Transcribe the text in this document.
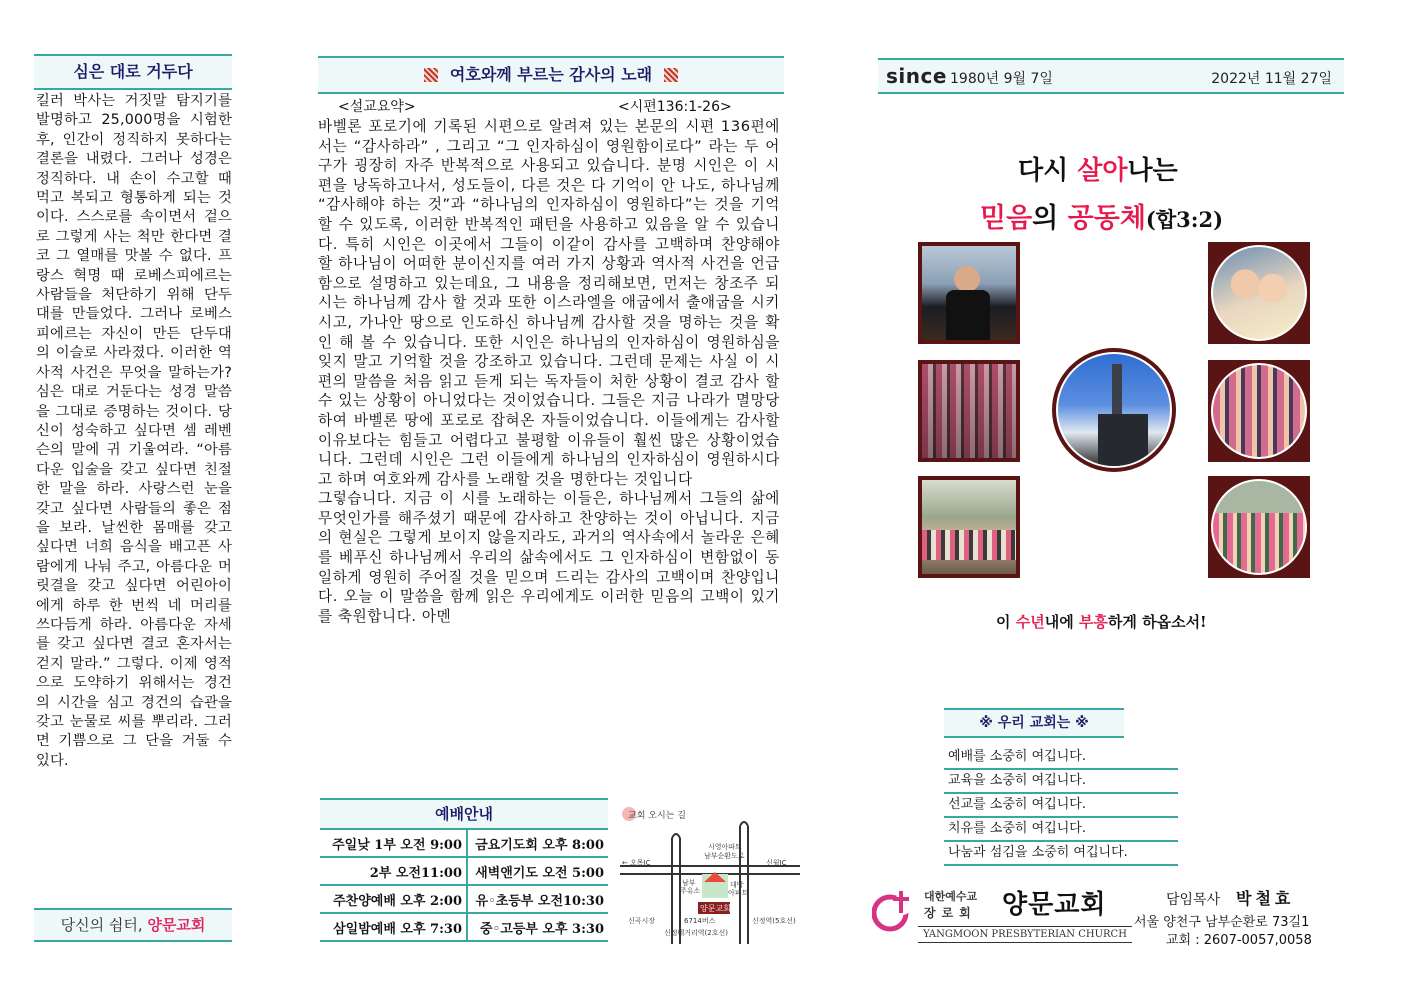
심은 대로 거두다
킬러 박사는 거짓말 탐지기를 발명하고 25,000명을 시험한 후, 인간이 정직하지 못하다는 결론을 내렸다. 그러나 성경은 정직하다. 내 손이 수고할 때 먹고 복되고 형통하게 되는 것이다. 스스로를 속이면서 겉으로 그렇게 사는 척만 한다면 결코 그 열매를 맛볼 수 없다. 프랑스 혁명 때 로베스피에르는 사람들을 처단하기 위해 단두대를 만들었다. 그러나 로베스피에르는 자신이 만든 단두대의 이슬로 사라졌다. 이러한 역사적 사건은 무엇을 말하는가? 심은 대로 거둔다는 성경 말씀을 그대로 증명하는 것이다. 당신이 성숙하고 싶다면 셈 레벤슨의 말에 귀 기울여라. “아름다운 입술을 갖고 싶다면 친절한 말을 하라. 사랑스런 눈을 갖고 싶다면 사람들의 좋은 점을 보라. 날씬한 몸매를 갖고 싶다면 너희 음식을 배고픈 사람에게 나눠 주고, 아름다운 머릿결을 갖고 싶다면 어린아이에게 하루 한 번씩 네 머리를 쓰다듬게 하라. 아름다운 자세를 갖고 싶다면 결코 혼자서는 걷지 말라.” 그렇다. 이제 영적으로 도약하기 위해서는 경건의 시간을 심고 경건의 습관을 갖고 눈물로 씨를 뿌리라. 그러면 기쁨으로 그 단을 거둘 수 있다.
당신의 쉼터, 양문교회
여호와께 부르는 감사의 노래
<설교요약>	<시편136:1-26>

바벨론 포로기에 기록된 시편으로 알려져 있는 본문의 시편 136편에서는 “감사하라” , 그리고 “그 인자하심이 영원함이로다” 라는 두 어구가 굉장히 자주 반복적으로 사용되고 있습니다. 분명 시인은 이 시편을 낭독하고나서, 성도들이, 다른 것은 다 기억이 안 나도, 하나님께 “감사해야 하는 것”과 “하나님의 인자하심이 영원하다”는 것을 기억할 수 있도록, 이러한 반복적인 패턴을 사용하고 있음을 알 수 있습니다. 특히 시인은 이곳에서 그들이 이같이 감사를 고백하며 찬양해야 할 하나님이 어떠한 분이신지를 여러 가지 상황과 역사적 사건을 언급함으로 설명하고 있는데요, 그 내용을 정리해보면, 먼저는 창조주 되시는 하나님께 감사 할 것과 또한 이스라엘을 애굽에서 출애굽을 시키시고, 가나안 땅으로 인도하신 하나님께 감사할 것을 명하는 것을 확인 해 볼 수 있습니다. 또한 시인은 하나님의 인자하심이 영원하심을 잊지 말고 기억할 것을 강조하고 있습니다. 그런데 문제는 사실 이 시편의 말씀을 처음 읽고 듣게 되는 독자들이 처한 상황이 결코 감사 할 수 있는 상황이 아니었다는 것이었습니다. 그들은 지금 나라가 멸망당하여 바벨론 땅에 포로로 잡혀온 자들이었습니다. 이들에게는 감사할 이유보다는 힘들고 어렵다고 불평할 이유들이 훨씬 많은 상황이었습니다. 그런데 시인은 그런 이들에게 하나님의 인자하심이 영원하시다고 하며 여호와께 감사를 노래할 것을 명한다는 것입니다

그렇습니다. 지금 이 시를 노래하는 이들은, 하나님께서 그들의 삶에 무엇인가를 해주셨기 때문에 감사하고 찬양하는 것이 아닙니다. 지금의 현실은 그렇게 보이지 않을지라도, 과거의 역사속에서 놀라운 은혜를 베푸신 하나님께서 우리의 삶속에서도 그 인자하심이 변함없이 동일하게 영원히 주어질 것을 믿으며 드리는 감사의 고백이며 찬양입니다. 오늘 이 말씀을 함께 읽은 우리에게도 이러한 믿음의 고백이 있기를 축원합니다. 아멘

예배안내
주일낮 1부 오전 9:00	금요기도회 오후 8:00
2부 오전11:00	새벽앤기도 오전 5:00
주찬양예배 오후 2:00	유◦초등부 오전10:30
삼일밤예배 오후 7:30	중◦고등부 오후 3:30
교회 오시는 길
시영아파트
남부순환도로
← 오목IC	신월IC
남부
주유소
대방
아파트
양문교회
신곡시장	6714버스
신정네거리역(2호선)
신정역(5호선)
since 1980년 9월 7일	2022년 11월 27일
다시 살아나는
믿음의 공동체(합3:2)
이 수년내에 부흥하게 하옵소서!
※ 우리 교회는 ※
예배를 소중히 여깁니다.
교육을 소중히 여깁니다.
선교를 소중히 여깁니다.
치유를 소중히 여깁니다.
나눔과 섬김을 소중히 여깁니다.
대한예수교
장로회 양문교회
YANGMOON PRESBYTERIAN CHURCH
담임목사 박철효
서울 양천구 남부순환로 73길1
교회 : 2607-0057,0058
